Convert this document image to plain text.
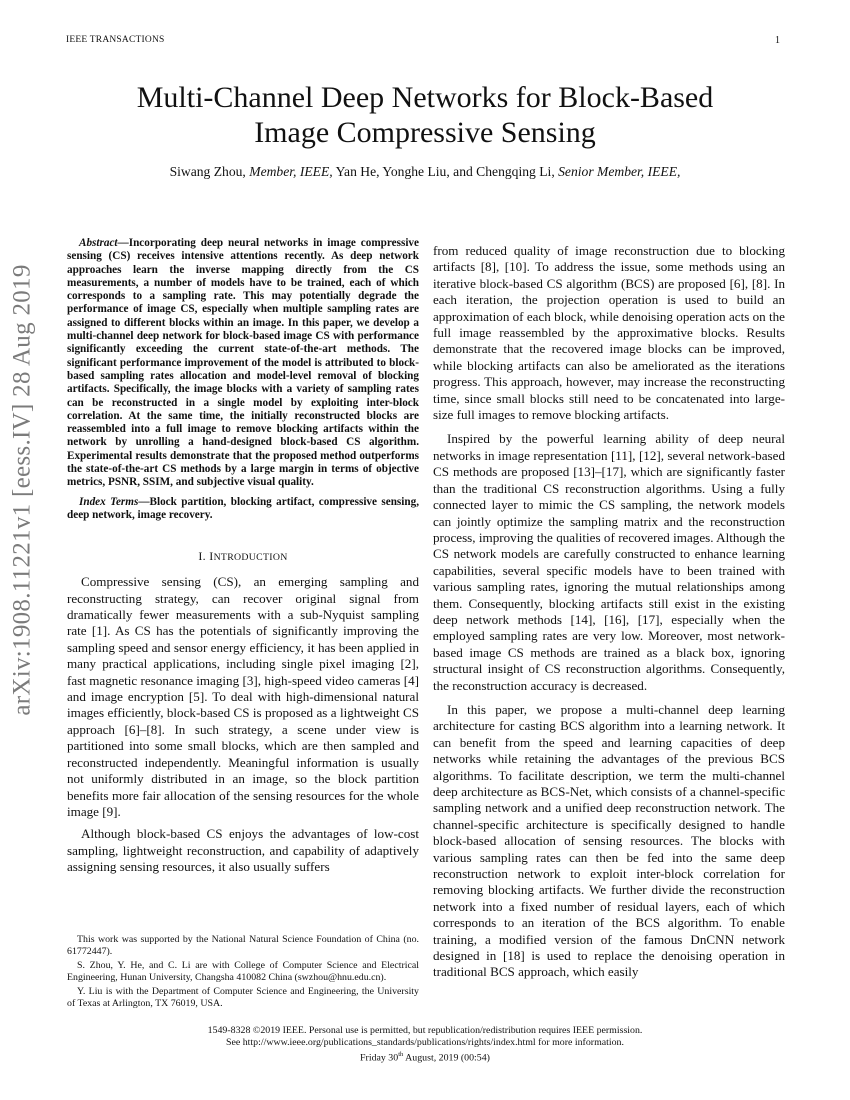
IEEE TRANSACTIONS	1
arXiv:1908.11221v1 [eess.IV] 28 Aug 2019
Multi-Channel Deep Networks for Block-Based
Image Compressive Sensing
Siwang Zhou, Member, IEEE, Yan He, Yonghe Liu, and Chengqing Li, Senior Member, IEEE,

Abstract—Incorporating deep neural networks in image compressive sensing (CS) receives intensive attentions recently. As deep network approaches learn the inverse mapping directly from the CS measurements, a number of models have to be trained, each of which corresponds to a sampling rate. This may potentially degrade the performance of image CS, especially when multiple sampling rates are assigned to different blocks within an image. In this paper, we develop a multi-channel deep network for block-based image CS with performance significantly exceeding the current state-of-the-art methods. The significant performance improvement of the model is attributed to block-based sampling rates allocation and model-level removal of blocking artifacts. Specifically, the image blocks with a variety of sampling rates can be reconstructed in a single model by exploiting inter-block correlation. At the same time, the initially reconstructed blocks are reassembled into a full image to remove blocking artifacts within the network by unrolling a hand-designed block-based CS algorithm. Experimental results demonstrate that the proposed method outperforms the state-of-the-art CS methods by a large margin in terms of objective metrics, PSNR, SSIM, and subjective visual quality.

Index Terms—Block partition, blocking artifact, compressive sensing, deep network, image recovery.

I. INTRODUCTION

Compressive sensing (CS), an emerging sampling and reconstructing strategy, can recover original signal from dramatically fewer measurements with a sub-Nyquist sampling rate [1]. As CS has the potentials of significantly improving the sampling speed and sensor energy efficiency, it has been applied in many practical applications, including single pixel imaging [2], fast magnetic resonance imaging [3], high-speed video cameras [4] and image encryption [5]. To deal with high-dimensional natural images efficiently, block-based CS is proposed as a lightweight CS approach [6]–[8]. In such strategy, a scene under view is partitioned into some small blocks, which are then sampled and reconstructed independently. Meaningful information is usually not uniformly distributed in an image, so the block partition benefits more fair allocation of the sensing resources for the whole image [9].

Although block-based CS enjoys the advantages of low-cost sampling, lightweight reconstruction, and capability of adaptively assigning sensing resources, it also usually suffers

This work was supported by the National Natural Science Foundation of China (no. 61772447).

S. Zhou, Y. He, and C. Li are with College of Computer Science and Electrical Engineering, Hunan University, Changsha 410082 China (swzhou@hnu.edu.cn).

Y. Liu is with the Department of Computer Science and Engineering, the University of Texas at Arlington, TX 76019, USA.

from reduced quality of image reconstruction due to blocking artifacts [8], [10]. To address the issue, some methods using an iterative block-based CS algorithm (BCS) are proposed [6], [8]. In each iteration, the projection operation is used to build an approximation of each block, while denoising operation acts on the full image reassembled by the approximative blocks. Results demonstrate that the recovered image blocks can be improved, while blocking artifacts can also be ameliorated as the iterations progress. This approach, however, may increase the reconstructing time, since small blocks still need to be concatenated into large-size full images to remove blocking artifacts.

Inspired by the powerful learning ability of deep neural networks in image representation [11], [12], several network-based CS methods are proposed [13]–[17], which are significantly faster than the traditional CS reconstruction algorithms. Using a fully connected layer to mimic the CS sampling, the network models can jointly optimize the sampling matrix and the reconstruction process, improving the qualities of recovered images. Although the CS network models are carefully constructed to enhance learning capabilities, several specific models have to been trained with various sampling rates, ignoring the mutual relationships among them. Consequently, blocking artifacts still exist in the existing deep network methods [14], [16], [17], especially when the employed sampling rates are very low. Moreover, most network-based image CS methods are trained as a black box, ignoring structural insight of CS reconstruction algorithms. Consequently, the reconstruction accuracy is decreased.

In this paper, we propose a multi-channel deep learning architecture for casting BCS algorithm into a learning network. It can benefit from the speed and learning capacities of deep networks while retaining the advantages of the previous BCS algorithms. To facilitate description, we term the multi-channel deep architecture as BCS-Net, which consists of a channel-specific sampling network and a unified deep reconstruction network. The channel-specific architecture is specifically designed to handle block-based allocation of sensing resources. The blocks with various sampling rates can then be fed into the same deep reconstruction network to exploit inter-block correlation for removing blocking artifacts. We further divide the reconstruction network into a fixed number of residual layers, each of which corresponds to an iteration of the BCS algorithm. To enable training, a modified version of the famous DnCNN network designed in [18] is used to replace the denoising operation in traditional BCS approach, which easily

1549-8328 ©2019 IEEE. Personal use is permitted, but republication/redistribution requires IEEE permission.
See http://www.ieee.org/publications_standards/publications/rights/index.html for more information.
Friday 30th August, 2019 (00:54)
